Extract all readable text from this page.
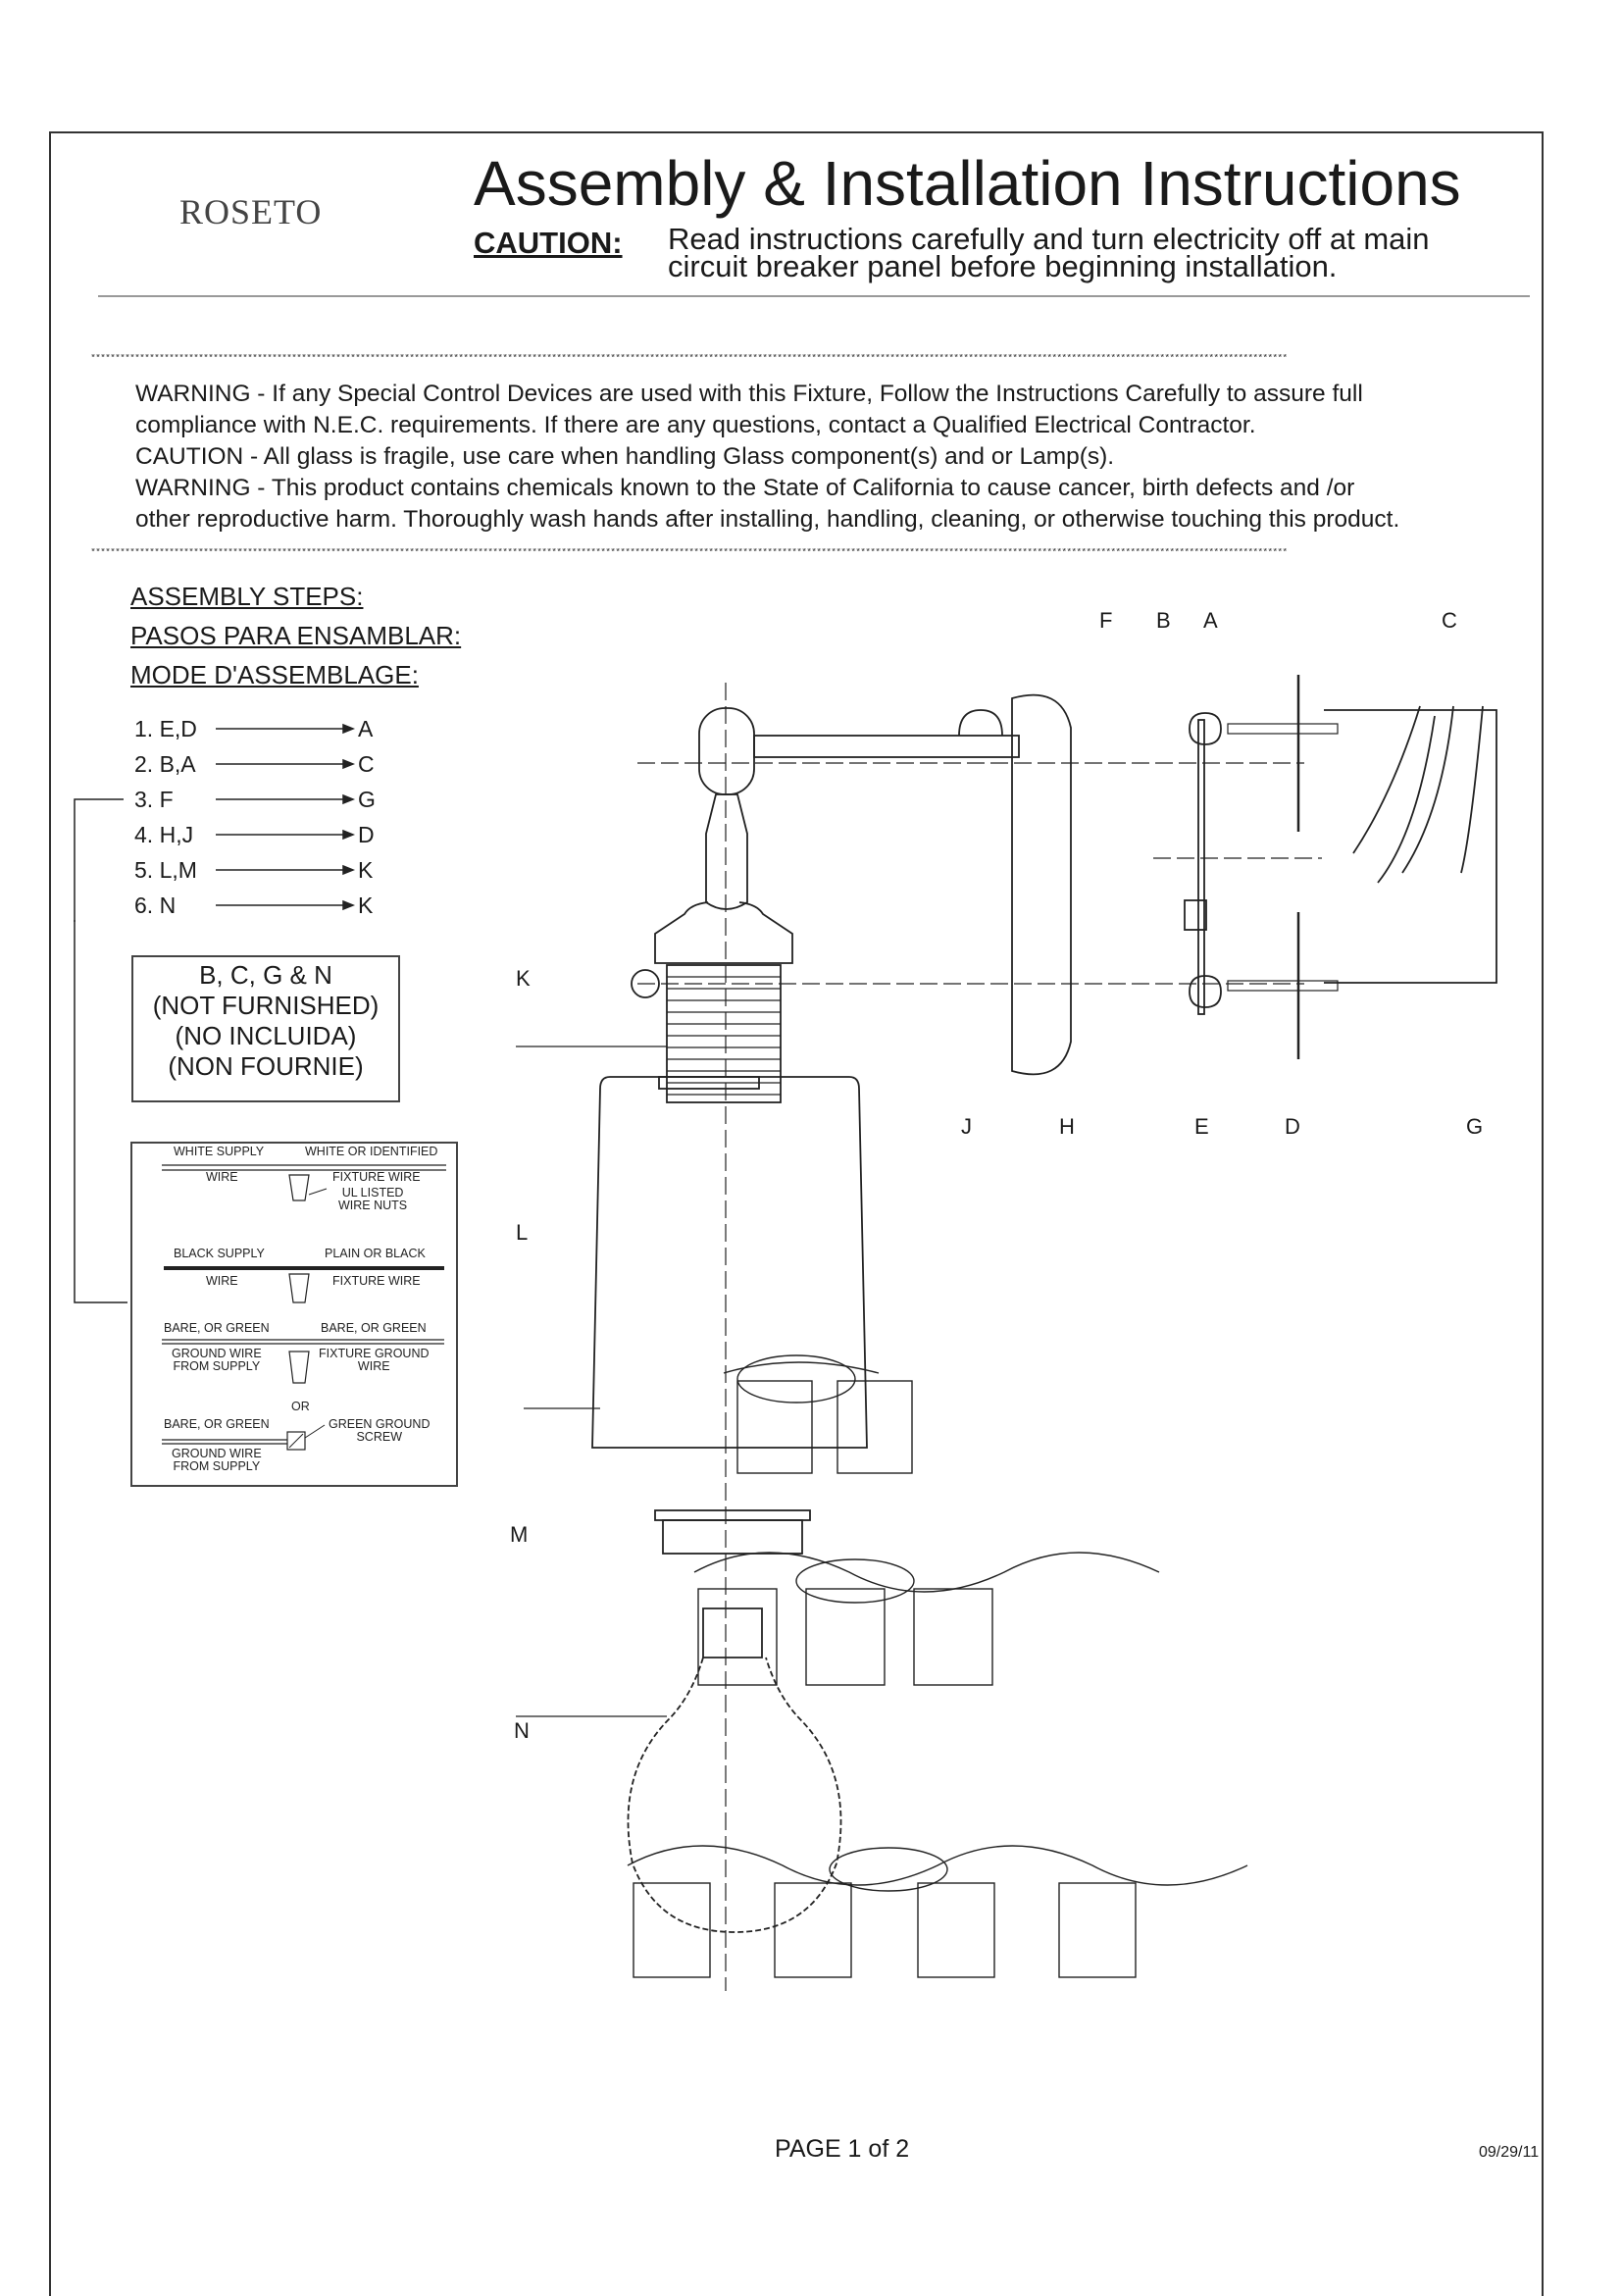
ROSETO Assembly & Installation Instructions
CAUTION: Read instructions carefully and turn electricity off at main
circuit breaker panel before beginning installation.
****************************************************************************************************************************************************************************************************************************************************

WARNING - If any Special Control Devices are used with this Fixture, Follow the Instructions Carefully to assure full

compliance with N.E.C. requirements. If there are any questions, contact a Qualified Electrical Contractor.

CAUTION - All glass is fragile, use care when handling Glass component(s) and or Lamp(s).

WARNING - This product contains chemicals known to the State of California to cause cancer, birth defects and /or

other reproductive harm. Thoroughly wash hands after installing, handling, cleaning, or otherwise touching this product.

****************************************************************************************************************************************************************************************************************************************************
ASSEMBLY STEPS:
PASOS PARA ENSAMBLAR:
MODE D'ASSEMBLAGE:
1. E,D	A
2. B,A	C
3. F	G
4. H,J	D
5. L,M	K
6. N	K
B, C, G & N
(NOT FURNISHED)
(NO INCLUIDA)
(NON FOURNIE)
WHITE SUPPLY	WHITE OR IDENTIFIED
WIRE	FIXTURE WIRE
UL LISTED
WIRE NUTS
BLACK SUPPLY	PLAIN OR BLACK
WIRE	FIXTURE WIRE
BARE, OR GREEN	BARE, OR GREEN
GROUND WIRE
FROM SUPPLY
FIXTURE GROUND
WIRE
OR
BARE, OR GREEN	GREEN GROUND
SCREW
GROUND WIRE
FROM SUPPLY
F B A	C
K
J	H	E	D	G
L
M
N
PAGE 1 of 2	09/29/11
